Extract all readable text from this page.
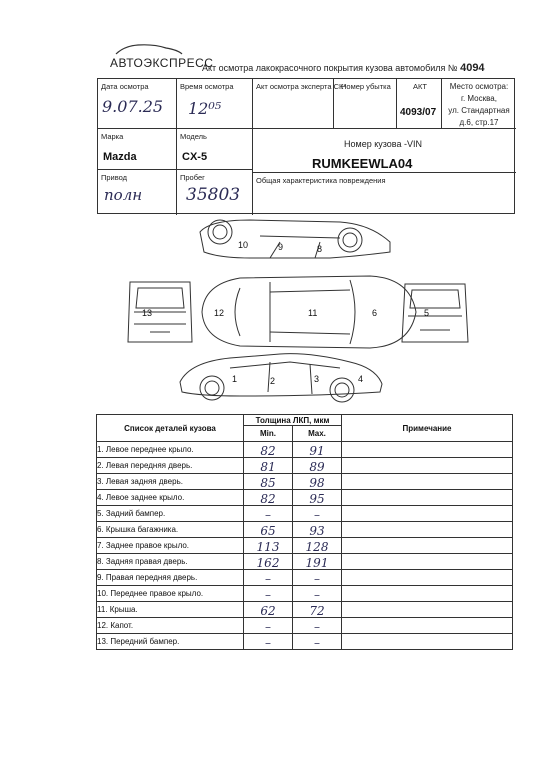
АВТОЭКСПРЕСС
Акт осмотра лакокрасочного покрытия кузова автомобиля № 4094
Дата осмотра
9.07.25
Время осмотра
12⁰⁵
Акт осмотра эксперта СК*
Номер убытка	АКТ
4093/07
Место осмотра:
г. Москва,
ул. Стандартная
д.6, стр.17
Марка
Mazda
Модель
CX-5
Номер кузова -VIN
RUMKEEWLA04
Привод
полн
Пробег
35803
Общая характеристика повреждения
10	9	8
13	12	11	6	5
1	2	3	4
Список деталей кузова	Толщина ЛКП, мкм		Примечание
	Min.	Max.	
1. Левое переднее крыло.	82	91	
2. Левая передняя дверь.	81	89	
3. Левая задняя дверь.	85	98	
4. Левое заднее крыло.	82	95	
5. Задний бампер.	–	–	
6. Крышка багажника.	65	93	
7. Заднее правое крыло.	113	128	
8. Задняя правая дверь.	162	191	
9. Правая передняя дверь.	–	–	
10. Переднее правое крыло.	–	–	
11. Крыша.	62	72	
12. Капот.	–	–	
13. Передний бампер.	–	–	
